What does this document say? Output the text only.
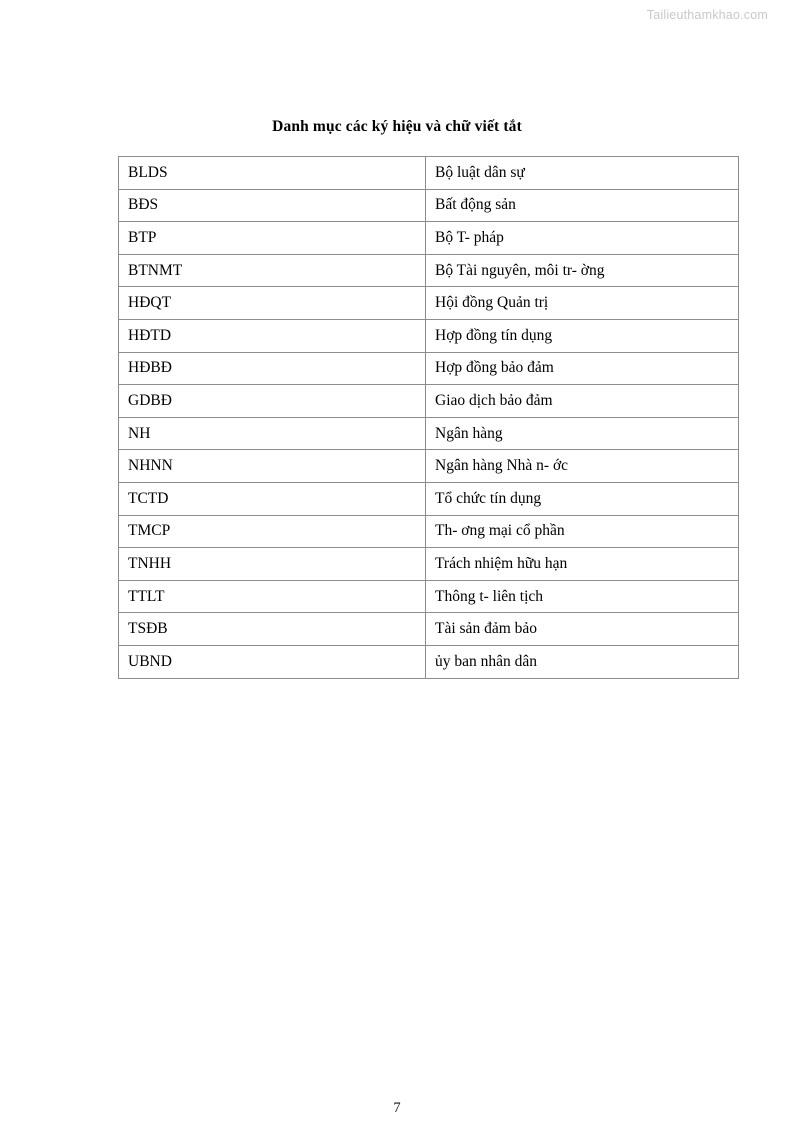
Tailieuthamkhao.com
Danh mục các ký hiệu và chữ viết tắt
BLDS	Bộ luật dân sự
BĐS	Bất động sản
BTP	Bộ T- pháp
BTNMT	Bộ Tài nguyên, môi tr- ờng
HĐQT	Hội đồng Quản trị
HĐTD	Hợp đồng tín dụng
HĐBĐ	Hợp đồng bảo đảm
GDBĐ	Giao dịch bảo đảm
NH	Ngân hàng
NHNN	Ngân hàng Nhà n- ớc
TCTD	Tổ chức tín dụng
TMCP	Th- ơng mại cổ phần
TNHH	Trách nhiệm hữu hạn
TTLT	Thông t- liên tịch
TSĐB	Tài sản đảm bảo
UBND	ủy ban nhân dân
7
